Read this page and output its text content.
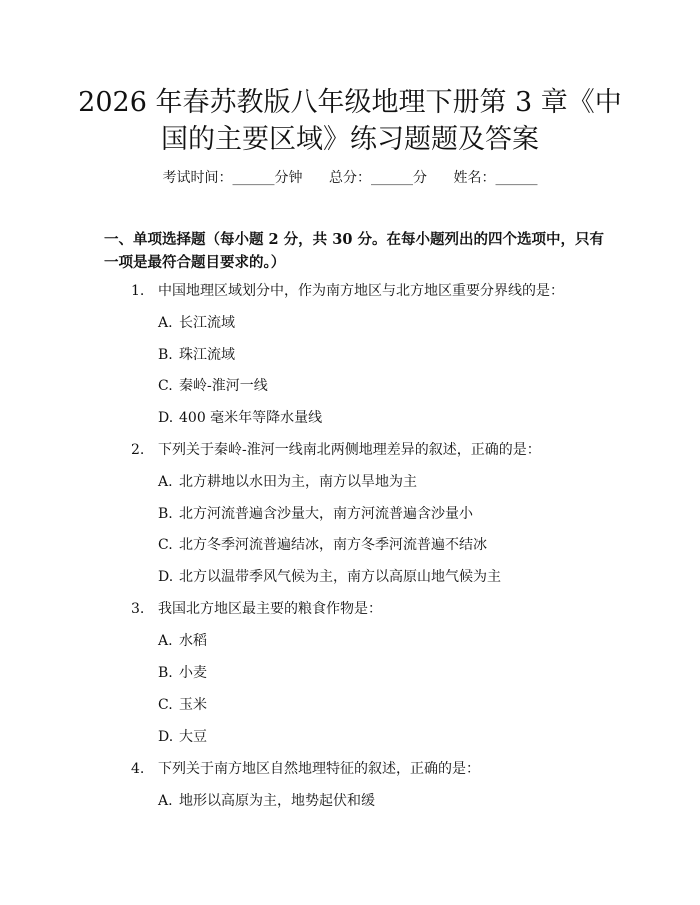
2026 年春苏教版八年级地理下册第 3 章《中
国的主要区域》练习题题及答案
考试时间：______分钟 总分：______分 姓名：______

一、单项选择题（每小题 2 分，共 30 分。在每小题列出的四个选项中，只有一项是最符合题目要求的。）

1. 中国地理区域划分中，作为南方地区与北方地区重要分界线的是：
A. 长江流域
B. 珠江流域
C. 秦岭-淮河一线
D. 400 毫米年等降水量线
2. 下列关于秦岭-淮河一线南北两侧地理差异的叙述，正确的是：
A. 北方耕地以水田为主，南方以旱地为主
B. 北方河流普遍含沙量大，南方河流普遍含沙量小
C. 北方冬季河流普遍结冰，南方冬季河流普遍不结冰
D. 北方以温带季风气候为主，南方以高原山地气候为主
3. 我国北方地区最主要的粮食作物是：
A. 水稻
B. 小麦
C. 玉米
D. 大豆
4. 下列关于南方地区自然地理特征的叙述，正确的是：
A. 地形以高原为主，地势起伏和缓
